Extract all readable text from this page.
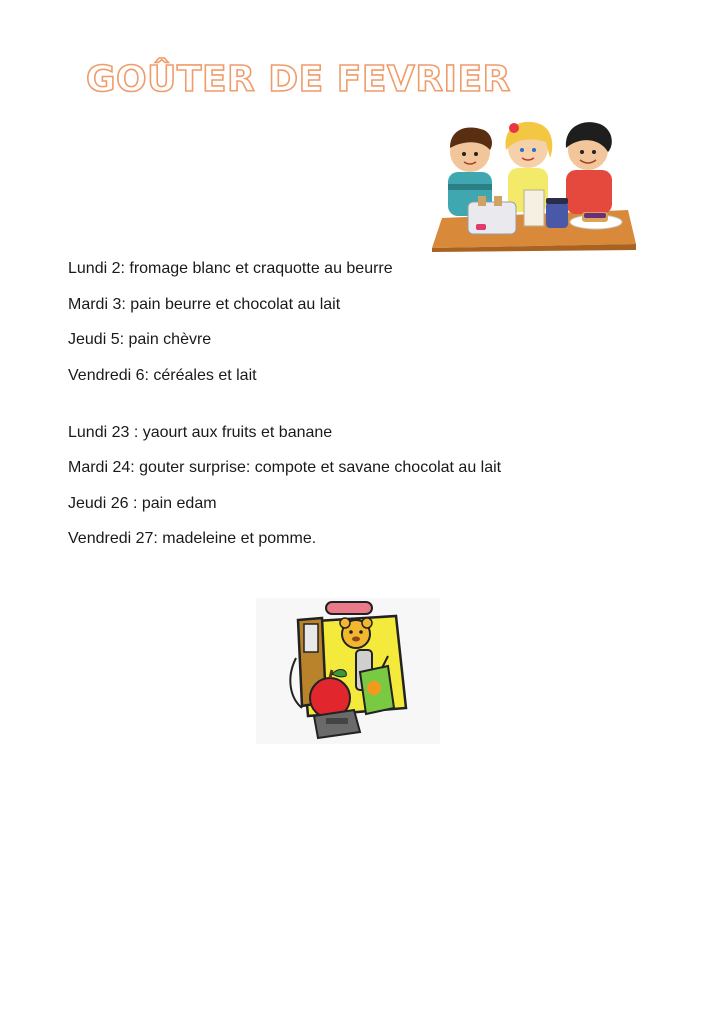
GOÛTER DE FEVRIER
Lundi 2: fromage blanc et craquotte au beurre
Mardi 3: pain beurre et chocolat au lait
Jeudi 5: pain chèvre
Vendredi 6: céréales et lait
Lundi 23 : yaourt aux fruits et banane
Mardi 24: gouter surprise: compote et savane chocolat au lait
Jeudi 26 : pain edam
Vendredi 27: madeleine et pomme.
